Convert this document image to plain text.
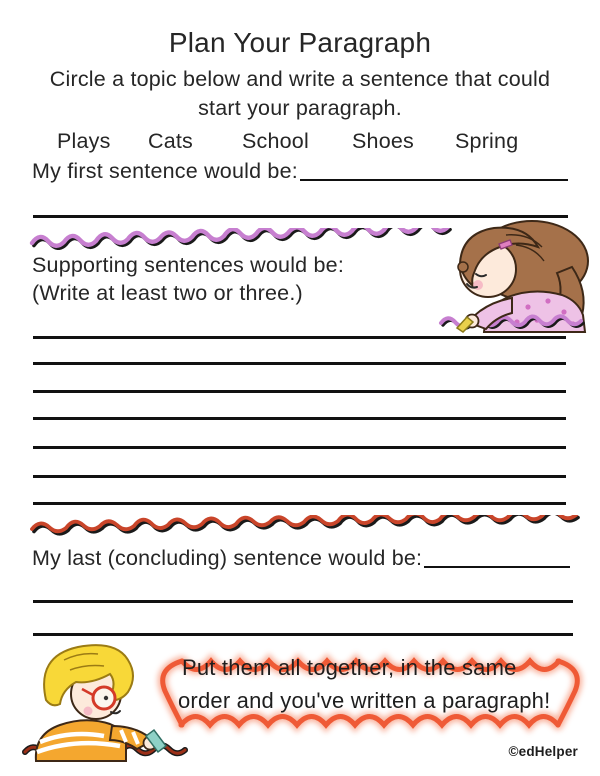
Plan Your Paragraph
Circle a topic below and write a sentence that could
start your paragraph.
Plays Cats School Shoes Spring
My first sentence would be:
Supporting sentences would be:
(Write at least two or three.)
My last (concluding) sentence would be:
Put them all together, in the same
order and you've written a paragraph!
©edHelper
